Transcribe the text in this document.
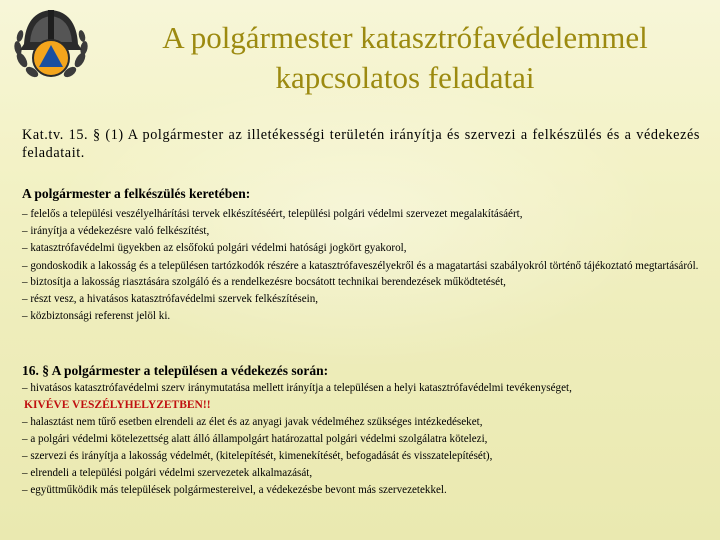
A polgármester katasztrófavédelemmel
kapcsolatos feladatai
Kat.tv. 15. § (1) A polgármester az illetékességi területén irányítja és szervezi a felkészülés és a védekezés feladatait.
A polgármester a felkészülés keretében:
– felelős a települési veszélyelhárítási tervek elkészítéséért, települési polgári védelmi szervezet megalakításáért,
– irányítja a védekezésre való felkészítést,
– katasztrófavédelmi ügyekben az elsőfokú polgári védelmi hatósági jogkört gyakorol,
– gondoskodik a lakosság és a településen tartózkodók részére a katasztrófaveszélyekről és a magatartási szabályokról történő tájékoztató megtartásáról.
– biztosítja a lakosság riasztására szolgáló és a rendelkezésre bocsátott technikai berendezések működtetését,
– részt vesz, a hivatásos katasztrófavédelmi szervek felkészítésein,
– közbiztonsági referenst jelöl ki.
16. § A polgármester a településen a védekezés során:
– hivatásos katasztrófavédelmi szerv iránymutatása mellett irányítja a településen a helyi katasztrófavédelmi tevékenységet,
KIVÉVE VESZÉLYHELYZETBEN!!
– halasztást nem tűrő esetben elrendeli az élet és az anyagi javak védelméhez szükséges intézkedéseket,
– a polgári védelmi kötelezettség alatt álló állampolgárt határozattal polgári védelmi szolgálatra kötelezi,
– szervezi és irányítja a lakosság védelmét, (kitelepítését, kimenekítését, befogadását és visszatelepítését),
– elrendeli a települési polgári védelmi szervezetek alkalmazását,
– együttműködik más települések polgármestereivel, a védekezésbe bevont más szervezetekkel.
